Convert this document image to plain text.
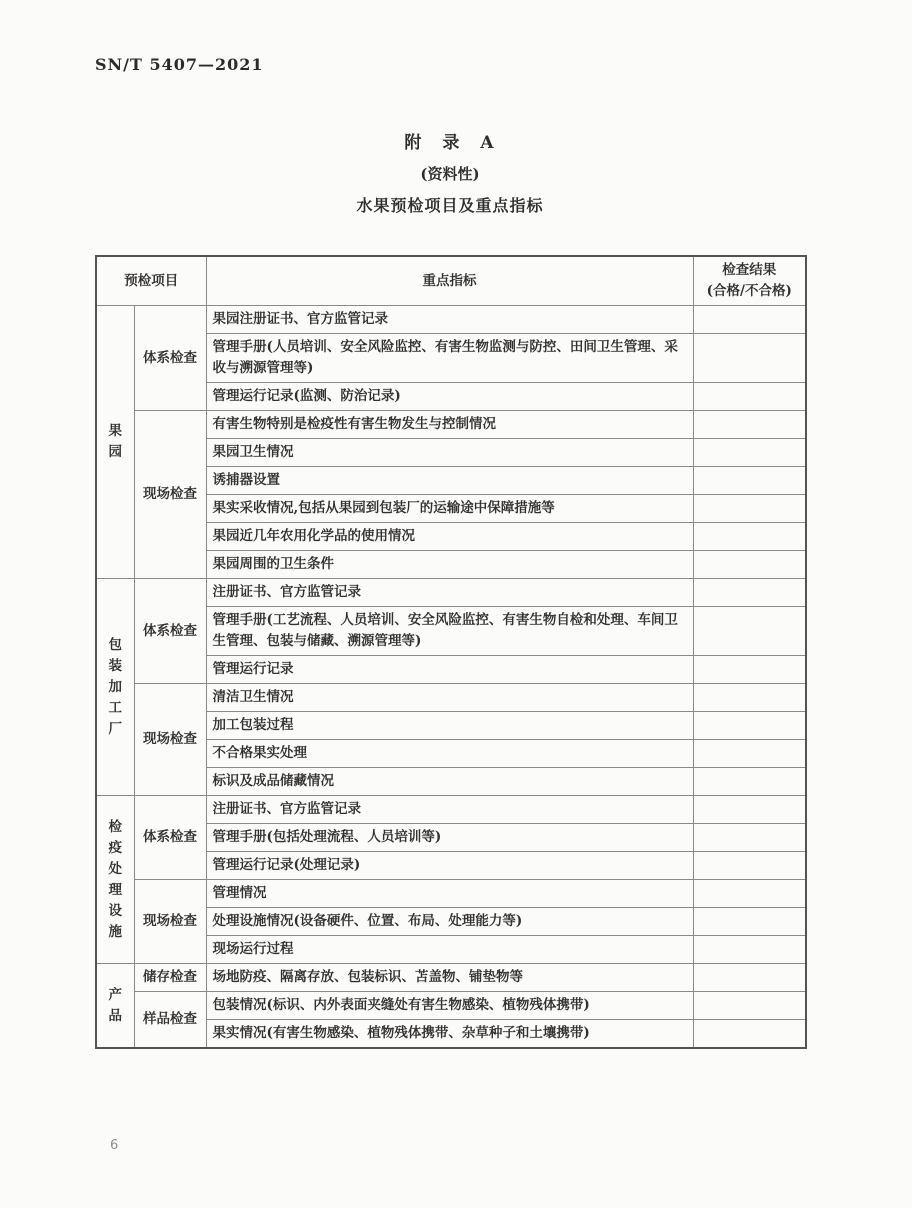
SN/T 5407—2021
附　录　A
(资料性)
水果预检项目及重点指标
预检项目		重点指标	检查结果
(合格/不合格)

果园	体系检查	果园注册证书、官方监管记录	
		管理手册(人员培训、安全风险监控、有害生物监测与防控、田间卫生管理、采收与溯源管理等)	
		管理运行记录(监测、防治记录)	
	现场检查	有害生物特别是检疫性有害生物发生与控制情况	
		果园卫生情况	
		诱捕器设置	
		果实采收情况,包括从果园到包装厂的运输途中保障措施等	
		果园近几年农用化学品的使用情况	
		果园周围的卫生条件	
包装加工厂	体系检查	注册证书、官方监管记录	
		管理手册(工艺流程、人员培训、安全风险监控、有害生物自检和处理、车间卫生管理、包装与储藏、溯源管理等)	
		管理运行记录	
	现场检查	清洁卫生情况	
		加工包装过程	
		不合格果实处理	
		标识及成品储藏情况	
检疫处理设施	体系检查	注册证书、官方监管记录	
		管理手册(包括处理流程、人员培训等)	
		管理运行记录(处理记录)	
	现场检查	管理情况	
		处理设施情况(设备硬件、位置、布局、处理能力等)	
		现场运行过程	
产品	储存检查	场地防疫、隔离存放、包装标识、苫盖物、铺垫物等	
	样品检查	包装情况(标识、内外表面夹缝处有害生物感染、植物残体携带)	
		果实情况(有害生物感染、植物残体携带、杂草种子和土壤携带)	
6
